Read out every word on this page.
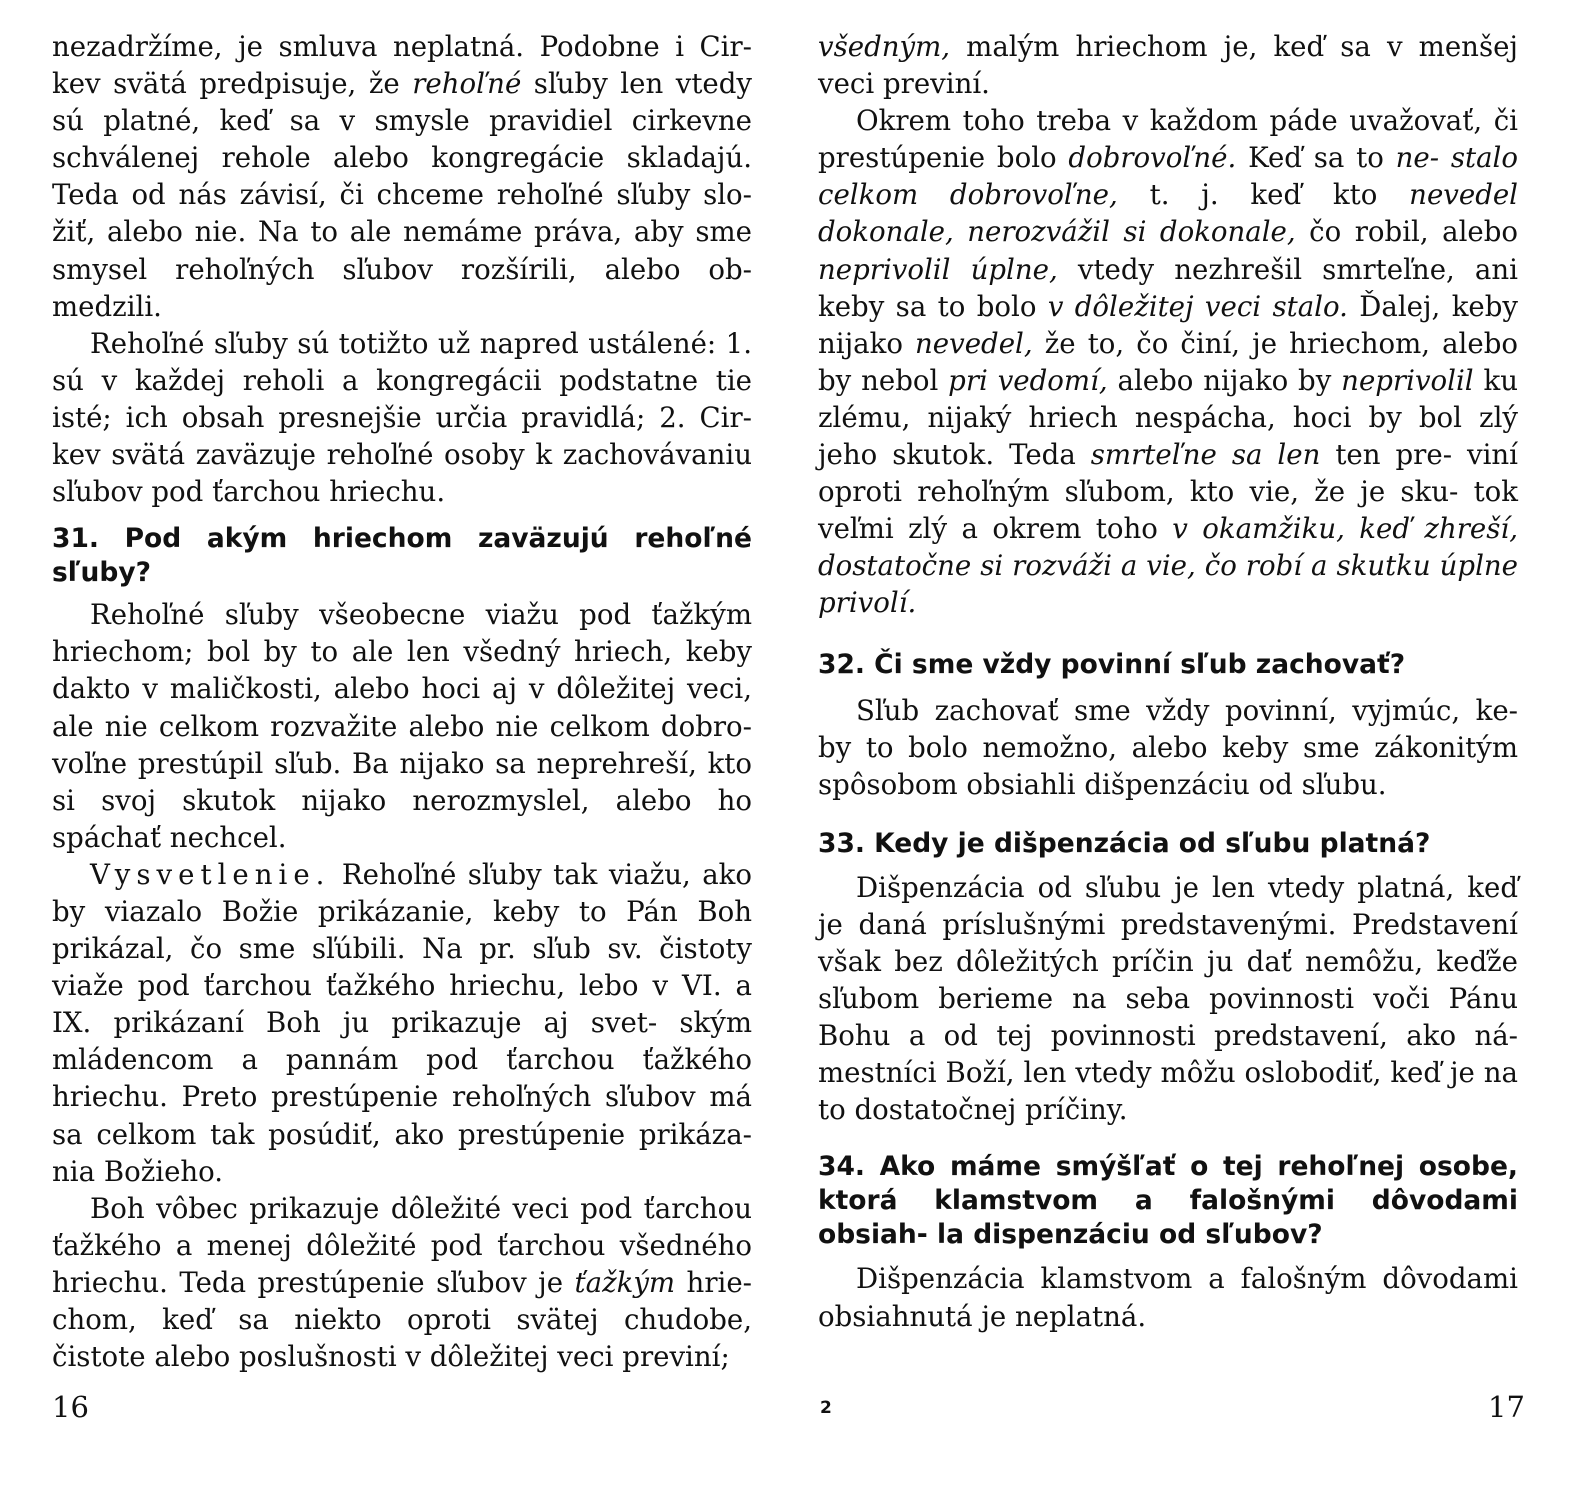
nezadržíme, je smluva neplatná. Podobne i Cir- kev svätá predpisuje, že rehoľné sľuby len vtedy sú platné, keď sa v smysle pravidiel cirkevne schválenej rehole alebo kongregácie skladajú. Teda od nás závisí, či chceme rehoľné sľuby slo- žiť, alebo nie. Na to ale nemáme práva, aby sme smysel rehoľných sľubov rozšírili, alebo ob- medzili.

Rehoľné sľuby sú totižto už napred ustálené: 1. sú v každej reholi a kongregácii podstatne tie isté; ich obsah presnejšie určia pravidlá; 2. Cir- kev svätá zaväzuje rehoľné osoby k zachovávaniu sľubov pod ťarchou hriechu.

31. Pod akým hriechom zaväzujú rehoľné sľuby?

Rehoľné sľuby všeobecne viažu pod ťažkým hriechom; bol by to ale len všedný hriech, keby dakto v maličkosti, alebo hoci aj v dôležitej veci, ale nie celkom rozvažite alebo nie celkom dobro- voľne prestúpil sľub. Ba nijako sa neprehreší, kto si svoj skutok nijako nerozmyslel, alebo ho spáchať nechcel.

Vysvetlenie. Rehoľné sľuby tak viažu, ako by viazalo Božie prikázanie, keby to Pán Boh prikázal, čo sme sľúbili. Na pr. sľub sv. čistoty viaže pod ťarchou ťažkého hriechu, lebo v VI. a IX. prikázaní Boh ju prikazuje aj svet- ským mládencom a pannám pod ťarchou ťažkého hriechu. Preto prestúpenie rehoľných sľubov má sa celkom tak posúdiť, ako prestúpenie prikáza- nia Božieho.

Boh vôbec prikazuje dôležité veci pod ťarchou ťažkého a menej dôležité pod ťarchou všedného hriechu. Teda prestúpenie sľubov je ťažkým hrie- chom, keď sa niekto oproti svätej chudobe, čistote alebo poslušnosti v dôležitej veci previní;

16

všedným, malým hriechom je, keď sa v menšej veci previní.

Okrem toho treba v každom páde uvažovať, či prestúpenie bolo dobrovoľné. Keď sa to ne- stalo celkom dobrovoľne, t. j. keď kto nevedel dokonale, nerozvážil si dokonale, čo robil, alebo neprivolil úplne, vtedy nezhrešil smrteľne, ani keby sa to bolo v dôležitej veci stalo. Ďalej, keby nijako nevedel, že to, čo činí, je hriechom, alebo by nebol pri vedomí, alebo nijako by neprivolil ku zlému, nijaký hriech nespácha, hoci by bol zlý jeho skutok. Teda smrteľne sa len ten pre- viní oproti rehoľným sľubom, kto vie, že je sku- tok veľmi zlý a okrem toho v okamžiku, keď zhreší, dostatočne si rozváži a vie, čo robí a skutku úplne privolí.

32. Či sme vždy povinní sľub zachovať?

Sľub zachovať sme vždy povinní, vyjmúc, ke- by to bolo nemožno, alebo keby sme zákonitým spôsobom obsiahli dišpenzáciu od sľubu.

33. Kedy je dišpenzácia od sľubu platná?

Dišpenzácia od sľubu je len vtedy platná, keď je daná príslušnými predstavenými. Predstavení však bez dôležitých príčin ju dať nemôžu, keďže sľubom berieme na seba povinnosti voči Pánu Bohu a od tej povinnosti predstavení, ako ná- mestníci Boží, len vtedy môžu oslobodiť, keď je na to dostatočnej príčiny.

34. Ako máme smýšľať o tej rehoľnej osobe, ktorá klamstvom a falošnými dôvodami obsiah- la dispenzáciu od sľubov?

Dišpenzácia klamstvom a falošným dôvodami obsiahnutá je neplatná.

2	17
